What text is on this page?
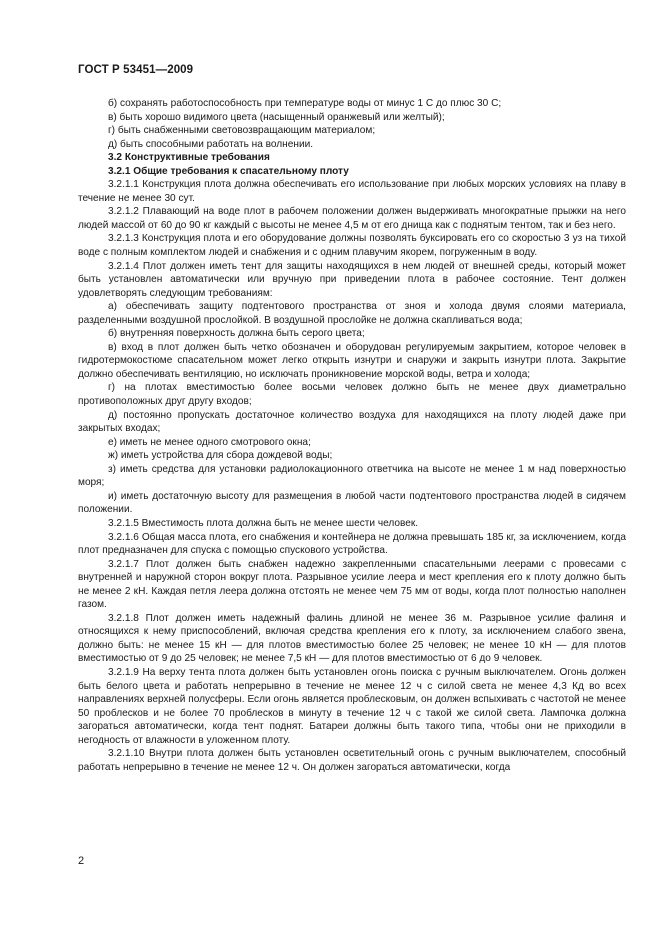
ГОСТ Р 53451—2009

б) сохранять работоспособность при температуре воды от минус 1 С до плюс 30 С;

в) быть хорошо видимого цвета (насыщенный оранжевый или желтый);

г) быть снабженными световозвращающим материалом;

д) быть способными работать на волнении.

3.2 Конструктивные требования

3.2.1 Общие требования к спасательному плоту

3.2.1.1 Конструкция плота должна обеспечивать его использование при любых морских условиях на плаву в течение не менее 30 сут.

3.2.1.2 Плавающий на воде плот в рабочем положении должен выдерживать многократные прыжки на него людей массой от 60 до 90 кг каждый с высоты не менее 4,5 м от его днища как с поднятым тентом, так и без него.

3.2.1.3 Конструкция плота и его оборудование должны позволять буксировать его со скоростью 3 уз на тихой воде с полным комплектом людей и снабжения и с одним плавучим якорем, погруженным в воду.

3.2.1.4 Плот должен иметь тент для защиты находящихся в нем людей от внешней среды, который может быть установлен автоматически или вручную при приведении плота в рабочее состояние. Тент должен удовлетворять следующим требованиям:

а) обеспечивать защиту подтентового пространства от зноя и холода двумя слоями материала, разделенными воздушной прослойкой. В воздушной прослойке не должна скапливаться вода;

б) внутренняя поверхность должна быть серого цвета;

в) вход в плот должен быть четко обозначен и оборудован регулируемым закрытием, которое человек в гидротермокостюме спасательном может легко открыть изнутри и снаружи и закрыть изнутри плота. Закрытие должно обеспечивать вентиляцию, но исключать проникновение морской воды, ветра и холода;

г) на плотах вместимостью более восьми человек должно быть не менее двух диаметрально противоположных друг другу входов;

д) постоянно пропускать достаточное количество воздуха для находящихся на плоту людей даже при закрытых входах;

е) иметь не менее одного смотрового окна;

ж) иметь устройства для сбора дождевой воды;

з) иметь средства для установки радиолокационного ответчика на высоте не менее 1 м над поверхностью моря;

и) иметь достаточную высоту для размещения в любой части подтентового пространства людей в сидячем положении.

3.2.1.5 Вместимость плота должна быть не менее шести человек.

3.2.1.6 Общая масса плота, его снабжения и контейнера не должна превышать 185 кг, за исключением, когда плот предназначен для спуска с помощью спускового устройства.

3.2.1.7 Плот должен быть снабжен надежно закрепленными спасательными леерами с провесами с внутренней и наружной сторон вокруг плота. Разрывное усилие леера и мест крепления его к плоту должно быть не менее 2 кН. Каждая петля леера должна отстоять не менее чем 75 мм от воды, когда плот полностью наполнен газом.

3.2.1.8 Плот должен иметь надежный фалинь длиной не менее 36 м. Разрывное усилие фалиня и относящихся к нему приспособлений, включая средства крепления его к плоту, за исключением слабого звена, должно быть: не менее 15 кН — для плотов вместимостью более 25 человек; не менее 10 кН — для плотов вместимостью от 9 до 25 человек; не менее 7,5 кН — для плотов вместимостью от 6 до 9 человек.

3.2.1.9 На верху тента плота должен быть установлен огонь поиска с ручным выключателем. Огонь должен быть белого цвета и работать непрерывно в течение не менее 12 ч с силой света не менее 4,3 Кд во всех направлениях верхней полусферы. Если огонь является проблесковым, он должен вспыхивать с частотой не менее 50 проблесков и не более 70 проблесков в минуту в течение 12 ч с такой же силой света. Лампочка должна загораться автоматически, когда тент поднят. Батареи должны быть такого типа, чтобы они не приходили в негодность от влажности в уложенном плоту.

3.2.1.10 Внутри плота должен быть установлен осветительный огонь с ручным выключателем, способный работать непрерывно в течение не менее 12 ч. Он должен загораться автоматически, когда

2
